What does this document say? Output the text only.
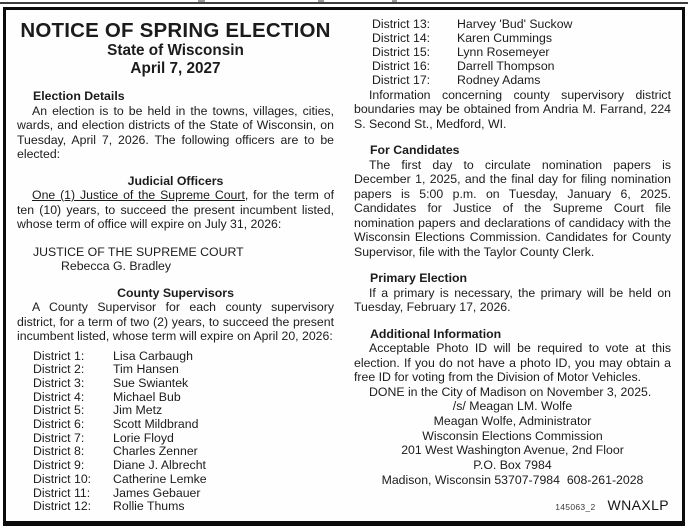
NOTICE OF SPRING ELECTION
State of Wisconsin
April 7, 2027
Election Details

An election is to be held in the towns, villages, cities, wards, and election districts of the State of Wisconsin, on Tuesday, April 7, 2026. The following officers are to be elected:

Judicial Officers

One (1) Justice of the Supreme Court, for the term of ten (10) years, to succeed the present incumbent listed, whose term of office will expire on July 31, 2026:

JUSTICE OF THE SUPREME COURT
Rebecca G. Bradley
County Supervisors

A County Supervisor for each county supervisory district, for a term of two (2) years, to succeed the present incumbent listed, whose term will expire on April 20, 2026:

District 1:	Lisa Carbaugh
District 2:	Tim Hansen
District 3:	Sue Swiantek
District 4:	Michael Bub
District 5:	Jim Metz
District 6:	Scott Mildbrand
District 7:	Lorie Floyd
District 8:	Charles Zenner
District 9:	Diane J. Albrecht
District 10:	Catherine Lemke
District 11:	James Gebauer
District 12:	Rollie Thums
District 13:	Harvey 'Bud' Suckow
District 14:	Karen Cummings
District 15:	Lynn Rosemeyer
District 16:	Darrell Thompson
District 17:	Rodney Adams

Information concerning county supervisory district boundaries may be obtained from Andria M. Farrand, 224 S. Second St., Medford, WI.

For Candidates

The first day to circulate nomination papers is December 1, 2025, and the final day for filing nomination papers is 5:00 p.m. on Tuesday, January 6, 2025. Candidates for Justice of the Supreme Court file nomination papers and declarations of candidacy with the Wisconsin Elections Commission. Candidates for County Supervisor, file with the Taylor County Clerk.

Primary Election

If a primary is necessary, the primary will be held on Tuesday, February 17, 2026.

Additional Information

Acceptable Photo ID will be required to vote at this election. If you do not have a photo ID, you may obtain a free ID for voting from the Division of Motor Vehicles.

DONE in the City of Madison on November 3, 2025.
/s/ Meagan LM. Wolfe
Meagan Wolfe, Administrator
Wisconsin Elections Commission
201 West Washington Avenue, 2nd Floor
P.O. Box 7984
Madison, Wisconsin 53707-7984  608-261-2028
145063_2 WNAXLP
